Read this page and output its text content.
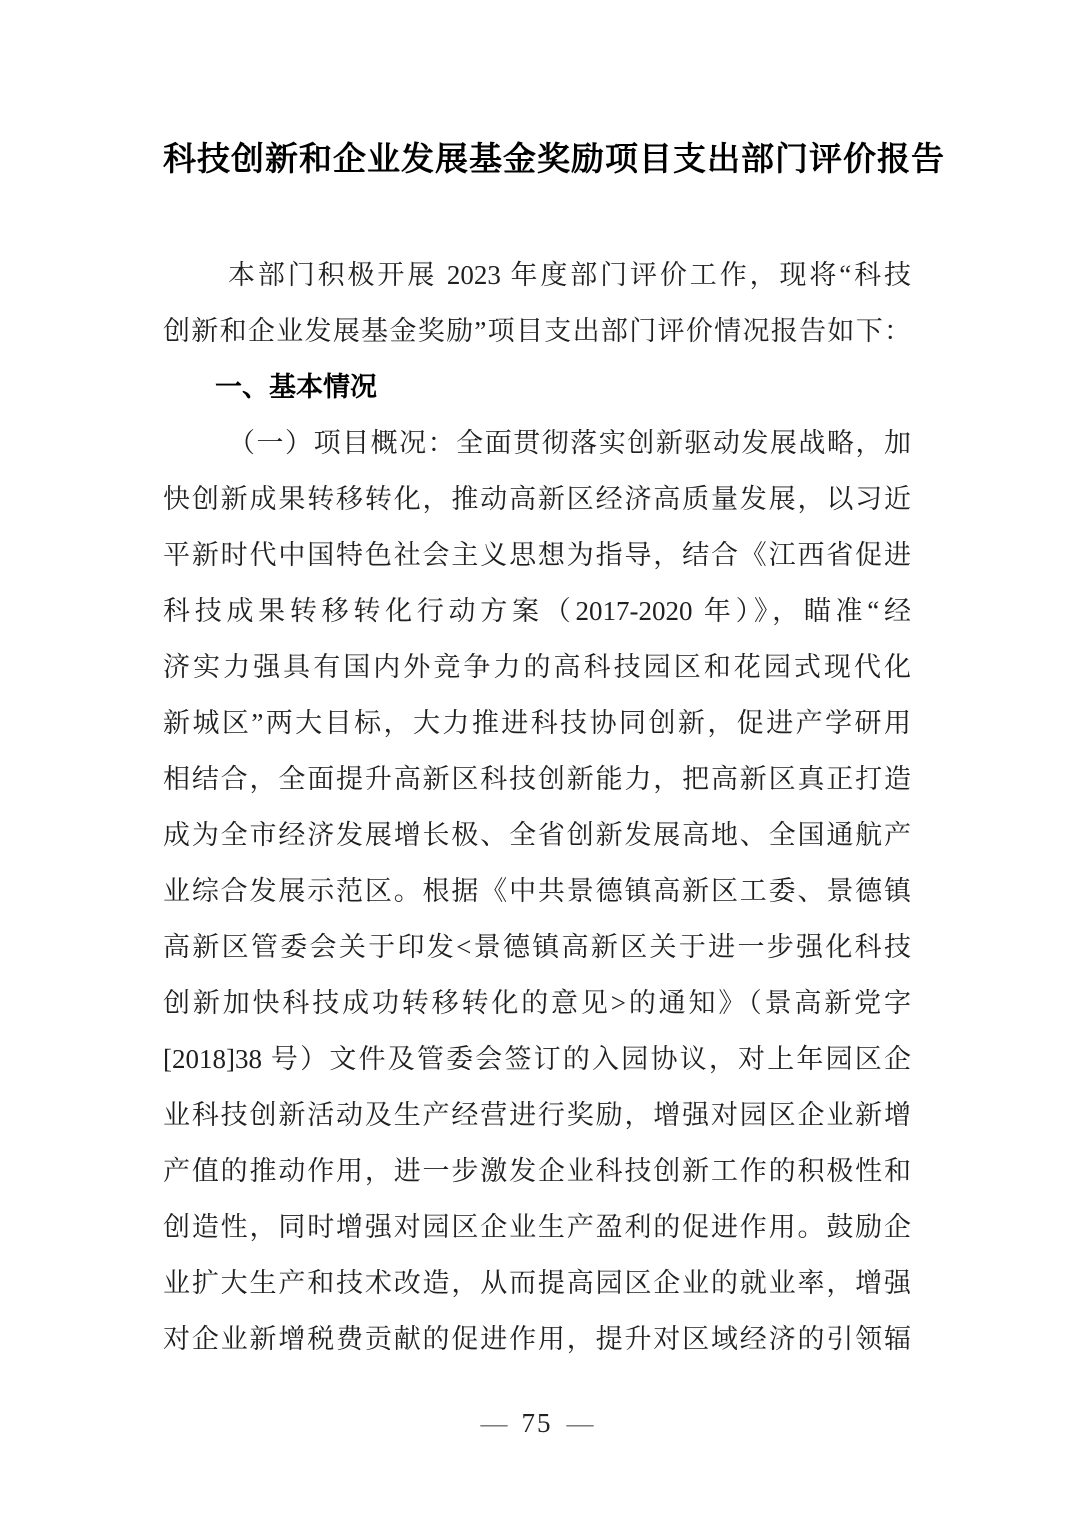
科技创新和企业发展基金奖励项目支出部门评价报告
本部门积极开展 2023 年度部门评价工作，现将“科技
创新和企业发展基金奖励”项目支出部门评价情况报告如下：
一、基本情况
（一）项目概况：全面贯彻落实创新驱动发展战略，加
快创新成果转移转化，推动高新区经济高质量发展，以习近
平新时代中国特色社会主义思想为指导，结合《江西省促进
科技成果转移转化行动方案（2017-2020 年）》，瞄准“经
济实力强具有国内外竞争力的高科技园区和花园式现代化
新城区”两大目标，大力推进科技协同创新，促进产学研用
相结合，全面提升高新区科技创新能力，把高新区真正打造
成为全市经济发展增长极、全省创新发展高地、全国通航产
业综合发展示范区。根据《中共景德镇高新区工委、景德镇
高新区管委会关于印发<景德镇高新区关于进一步强化科技
创新加快科技成功转移转化的意见>的通知》（景高新党字
[2018]38 号）文件及管委会签订的入园协议，对上年园区企
业科技创新活动及生产经营进行奖励，增强对园区企业新增
产值的推动作用，进一步激发企业科技创新工作的积极性和
创造性，同时增强对园区企业生产盈利的促进作用。鼓励企
业扩大生产和技术改造，从而提高园区企业的就业率，增强
对企业新增税费贡献的促进作用，提升对区域经济的引领辐
— 75 —
